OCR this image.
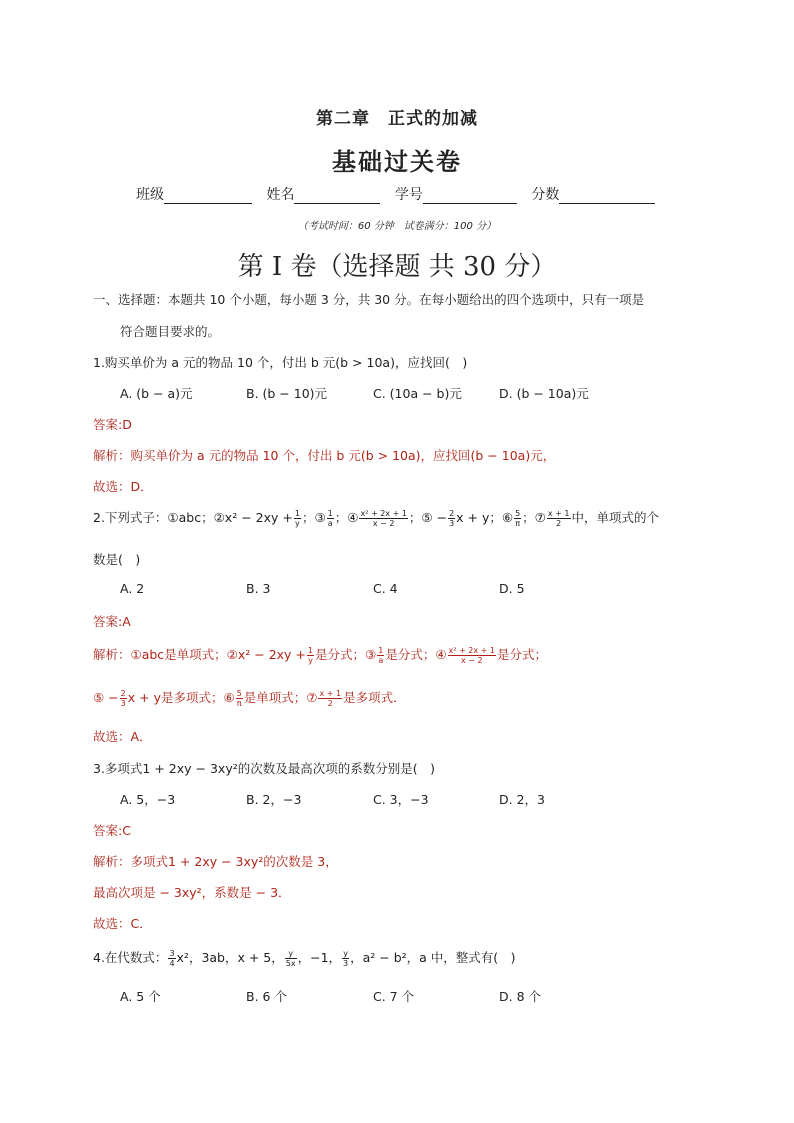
第二章　正式的加减
基础过关卷
班级	姓名	学号	分数
（考试时间：60 分钟　试卷满分：100 分）
第 I 卷（选择题 共 30 分）
一、选择题：本题共 10 个小题，每小题 3 分，共 30 分。在每小题给出的四个选项中，只有一项是
符合题目要求的。
1.购买单价为 a 元的物品 10 个，付出 b 元(b > 10a)，应找回(　)
A. (b − a)元	B. (b − 10)元	C. (10a − b)元	D. (b − 10a)元
答案:D
解析：购买单价为 a 元的物品 10 个，付出 b 元(b > 10a)，应找回(b − 10a)元，
故选：D．
2.下列式子：①abc；②x² − $2xy + \frac{1}{y}$ ；③ $\frac{1}{a}$ ；④ $\frac{\text{x² + 2x + 1}}{x - 2}$ ；⑤ − $\frac{2}{3}$ x + y；⑥ $\frac{5}{\pi}$ ；⑦ $\frac{x + 1}{2}$ 中，单项式的个
数是(　)
A. 2	B. 3	C. 4	D. 5
答案:A
解析：①abc是单项式；②x² − $2xy + \frac{1}{y}$ 是分式；③ $\frac{1}{a}$ 是分式；④ $\frac{\text{x² + 2x + 1}}{x - 2}$ 是分式；
⑤ − $\frac{2}{3}$ x + y是多项式；⑥ $\frac{5}{\pi}$ 是单项式；⑦ $\frac{x + 1}{2}$ 是多项式．
故选：A．
3.多项式1 + 2xy − 3xy²的次数及最高次项的系数分别是(　)
A. 5，−3	B. 2，−3	C. 3，−3	D. 2，3
答案:C
解析：多项式1 + 2xy − 3xy²的次数是 3，
最高次项是 − 3xy²，系数是 − 3．
故选：C．
4.在代数式： $\frac{3}{4} x^2$，3ab，x + 5， $\frac{y}{5x}$ ，−1， $\frac{y}{3}$ ，a² − b²，a 中，整式有(　)
A. 5 个	B. 6 个	C. 7 个	D. 8 个
